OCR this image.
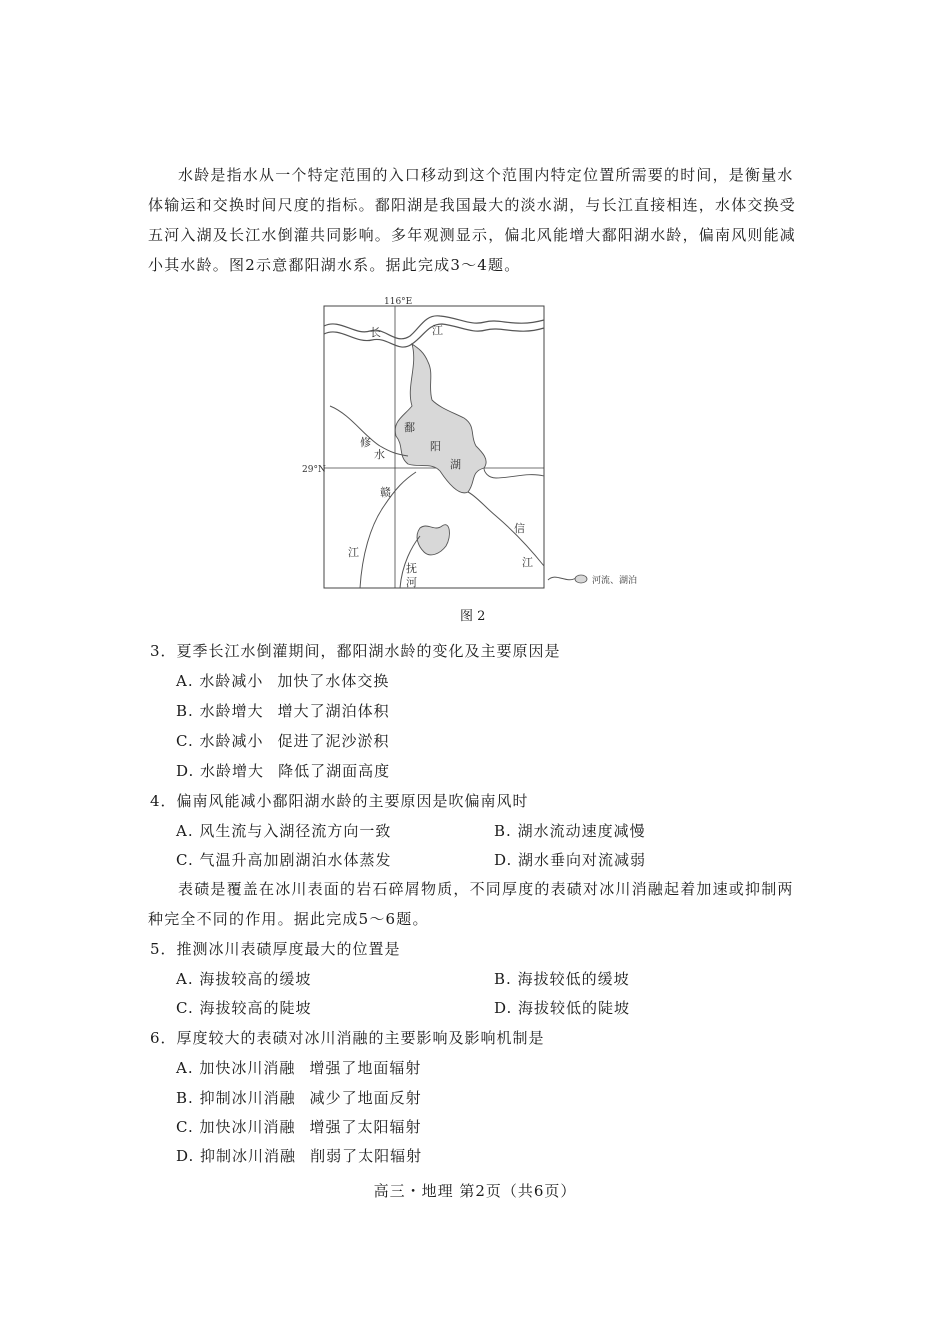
水龄是指水从一个特定范围的入口移动到这个范围内特定位置所需要的时间，是衡量水体输运和交换时间尺度的指标。鄱阳湖是我国最大的淡水湖，与长江直接相连，水体交换受五河入湖及长江水倒灌共同影响。多年观测显示，偏北风能增大鄱阳湖水龄，偏南风则能减小其水龄。图2示意鄱阳湖水系。据此完成3～4题。
116°E
29°N
长	江
鄱
阳
湖
修
水
赣
江
抚
河
信
江
河流、湖泊
图 2
3．夏季长江水倒灌期间，鄱阳湖水龄的变化及主要原因是
A. 水龄减小 加快了水体交换
B. 水龄增大 增大了湖泊体积
C. 水龄减小 促进了泥沙淤积
D. 水龄增大 降低了湖面高度
4．偏南风能减小鄱阳湖水龄的主要原因是吹偏南风时
A. 风生流与入湖径流方向一致	B. 湖水流动速度减慢
C. 气温升高加剧湖泊水体蒸发	D. 湖水垂向对流减弱
表碛是覆盖在冰川表面的岩石碎屑物质，不同厚度的表碛对冰川消融起着加速或抑制两种完全不同的作用。据此完成5～6题。
5．推测冰川表碛厚度最大的位置是
A. 海拔较高的缓坡	B. 海拔较低的缓坡
C. 海拔较高的陡坡	D. 海拔较低的陡坡
6．厚度较大的表碛对冰川消融的主要影响及影响机制是
A. 加快冰川消融 增强了地面辐射
B. 抑制冰川消融 减少了地面反射
C. 加快冰川消融 增强了太阳辐射
D. 抑制冰川消融 削弱了太阳辐射
高三・地理 第2页（共6页）
